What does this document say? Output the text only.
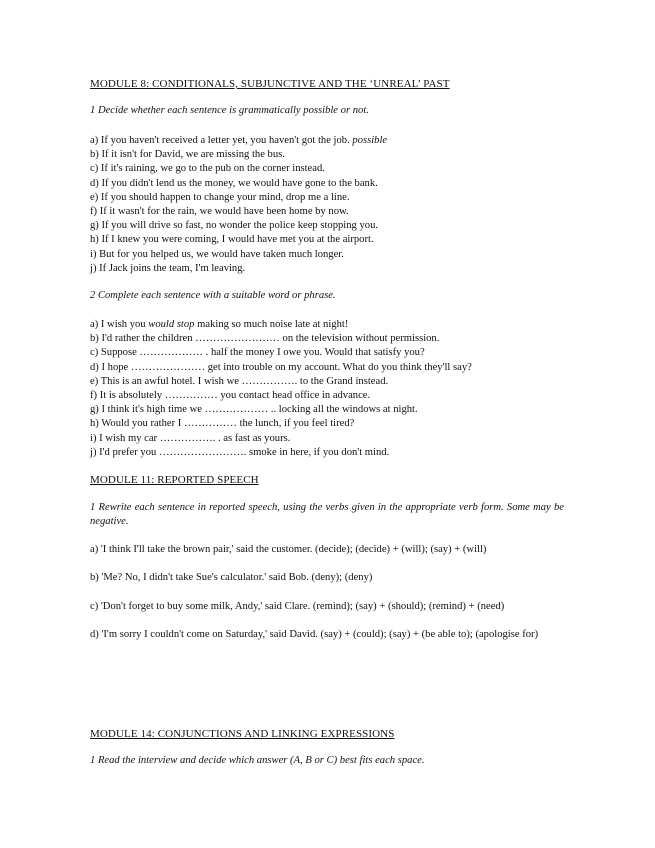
MODULE 8: CONDITIONALS, SUBJUNCTIVE AND THE ‘UNREAL’ PAST
1 Decide whether each sentence is grammatically possible or not.
a) If you haven't received a letter yet, you haven't got the job. possible
b) If it isn't for David, we are missing the bus.
c) If it's raining, we go to the pub on the corner instead.
d) If you didn't lend us the money, we would have gone to the bank.
e) If you should happen to change your mind, drop me a line.
f) If it wasn't for the rain, we would have been home by now.
g) If you will drive so fast, no wonder the police keep stopping you.
h) If I knew you were coming, I would have met you at the airport.
i) But for you helped us, we would have taken much longer.
j) If Jack joins the team, I'm leaving.
2 Complete each sentence with a suitable word or phrase.
a) I wish you would stop making so much noise late at night!
b) I'd rather the children …………………… on the television without permission.
c) Suppose ……………… . half the money I owe you. Would that satisfy you?
d) I hope ………………… get into trouble on my account. What do you think they'll say?
e) This is an awful hotel. I wish we ……………. to the Grand instead.
f) It is absolutely …………… you contact head office in advance.
g) I think it's high time we ……………… .. locking all the windows at night.
h) Would you rather I …………… the lunch, if you feel tired?
i) I wish my car ……………. . as fast as yours.
j) I'd prefer you ……………………. smoke in here, if you don't mind.
MODULE 11: REPORTED SPEECH
1 Rewrite each sentence in reported speech, using the verbs given in the appropriate verb form. Some may be negative.
a) 'I think I'll take the brown pair,' said the customer. (decide); (decide) + (will); (say) + (will)
b) 'Me? No, I didn't take Sue's calculator.' said Bob. (deny); (deny)
c) 'Don't forget to buy some milk, Andy,' said Clare. (remind); (say) + (should); (remind) + (need)
d) 'I'm sorry I couldn't come on Saturday,' said David. (say) + (could); (say) + (be able to); (apologise for)
MODULE 14: CONJUNCTIONS AND LINKING EXPRESSIONS
1 Read the interview and decide which answer (A, B or C) best fits each space.
